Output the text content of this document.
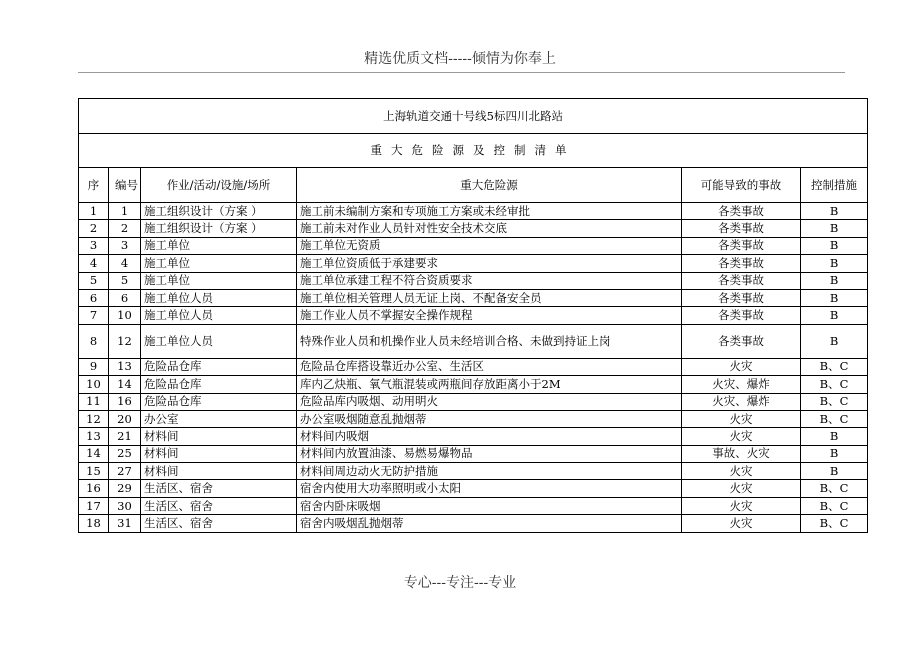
精选优质文档-----倾情为你奉上
上海轨道交通十号线5标四川北路站					
重大危险源及控制清单					
序	编号	作业/活动/设施/场所	重大危险源	可能导致的事故	控制措施
1	1	施工组织设计（方案 ）	施工前未编制方案和专项施工方案或未经审批	各类事故	B
2	2	施工组织设计（方案 ）	施工前未对作业人员针对性安全技术交底	各类事故	B
3	3	施工单位	施工单位无资质	各类事故	B
4	4	施工单位	施工单位资质低于承建要求	各类事故	B
5	5	施工单位	施工单位承建工程不符合资质要求	各类事故	B
6	6	施工单位人员	施工单位相关管理人员无证上岗、不配备安全员	各类事故	B
7	10	施工单位人员	施工作业人员不掌握安全操作规程	各类事故	B
8	12	施工单位人员	特殊作业人员和机操作业人员未经培训合格、未做到持证上岗	各类事故	B
9	13	危险品仓库	危险品仓库搭设靠近办公室、生活区	火灾	B、C
10	14	危险品仓库	库内乙炔瓶、氧气瓶混装或两瓶间存放距离小于2M	火灾、爆炸	B、C
11	16	危险品仓库	危险品库内吸烟、动用明火	火灾、爆炸	B、C
12	20	办公室	办公室吸烟随意乱抛烟蒂	火灾	B、C
13	21	材料间	材料间内吸烟	火灾	B
14	25	材料间	材料间内放置油漆、易燃易爆物品	事故、火灾	B
15	27	材料间	材料间周边动火无防护措施	火灾	B
16	29	生活区、宿舍	宿舍内使用大功率照明或小太阳	火灾	B、C
17	30	生活区、宿舍	宿舍内卧床吸烟	火灾	B、C
18	31	生活区、宿舍	宿舍内吸烟乱抛烟蒂	火灾	B、C
专心---专注---专业
